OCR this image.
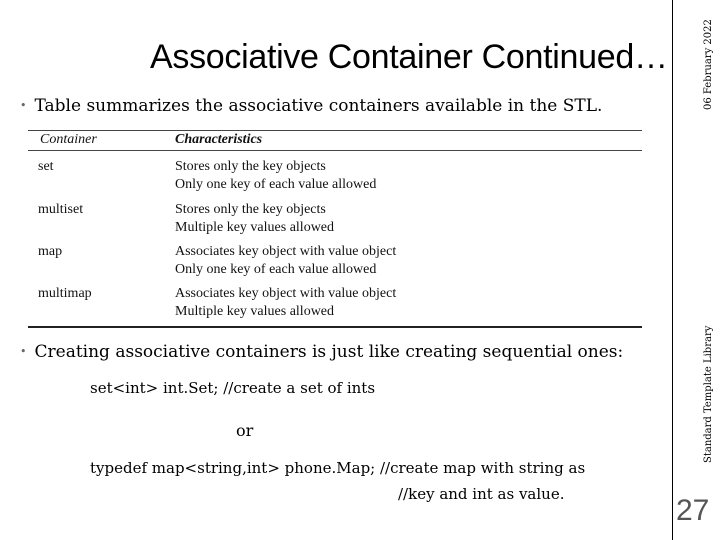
Associative Container Continued…	06 February 2022
Standard Template Library
27
• Table summarizes the associative containers available in the STL.
Container	Characteristics
set	Stores only the key objects
Only one key of each value allowed
multiset	Stores only the key objects
Multiple key values allowed
map	Associates key object with value object
Only one key of each value allowed
multimap	Associates key object with value object
Multiple key values allowed
• Creating associative containers is just like creating sequential ones:
set<int> int.Set; //create a set of ints
or
typedef map<string,int> phone.Map; //create map with string as
//key and int as value.
